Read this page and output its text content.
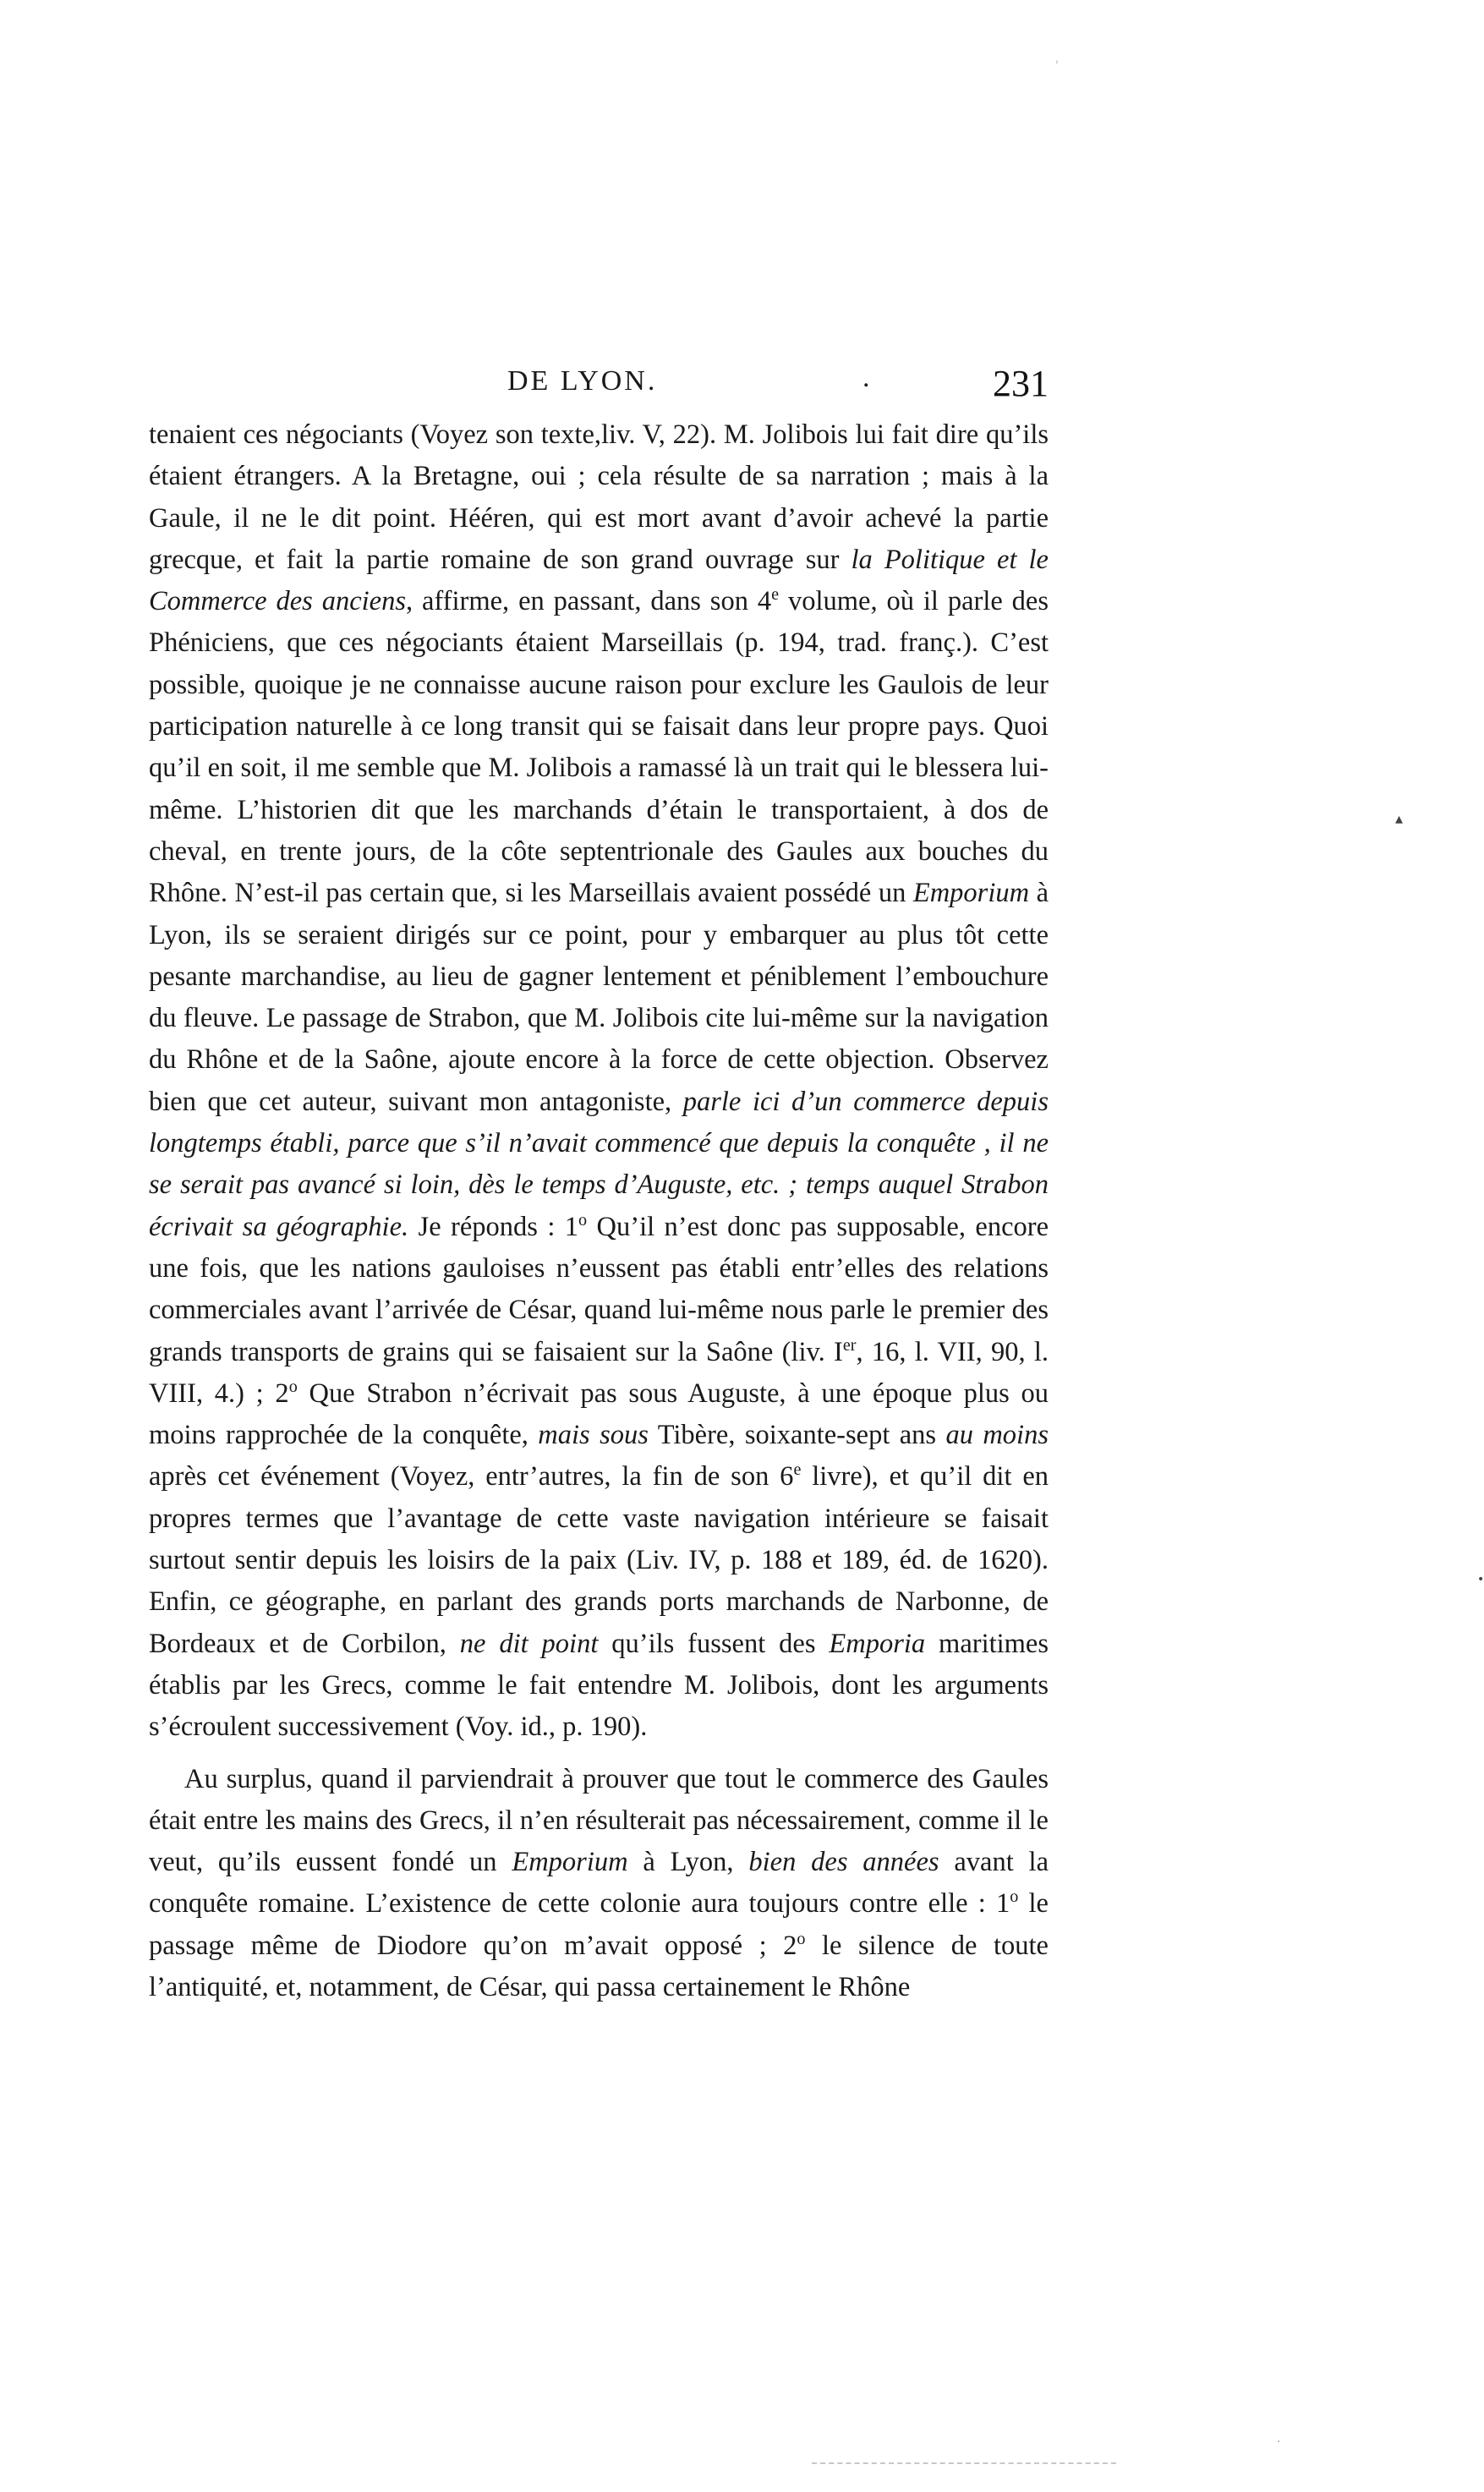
'
DE LYON.	.	231

tenaient ces négociants (Voyez son texte,liv. V, 22). M. Jolibois lui fait dire qu’ils étaient étrangers. A la Bretagne, oui ; cela résulte de sa narration ; mais à la Gaule, il ne le dit point. Hééren, qui est mort avant d’avoir achevé la partie grecque, et fait la partie romaine de son grand ouvrage sur la Politique et le Commerce des anciens, affirme, en passant, dans son 4e volume, où il parle des Phéniciens, que ces négociants étaient Marseillais (p. 194, trad. franç.). C’est possible, quoique je ne connaisse aucune raison pour exclure les Gaulois de leur participation naturelle à ce long transit qui se faisait dans leur propre pays. Quoi qu’il en soit, il me semble que M. Jolibois a ramassé là un trait qui le blessera lui-même. L’historien dit que les marchands d’étain le transportaient, à dos de cheval, en trente jours, de la côte septentrionale des Gaules aux bouches du Rhône. N’est-il pas certain que, si les Marseillais avaient possédé un Emporium à Lyon, ils se seraient dirigés sur ce point, pour y embarquer au plus tôt cette pesante marchandise, au lieu de gagner lentement et péniblement l’embouchure du fleuve. Le passage de Strabon, que M. Jolibois cite lui-même sur la navigation du Rhône et de la Saône, ajoute encore à la force de cette objection. Observez bien que cet auteur, suivant mon antagoniste, parle ici d’un commerce depuis longtemps établi, parce que s’il n’avait commencé que depuis la conquête , il ne se serait pas avancé si loin, dès le temps d’Auguste, etc. ; temps auquel Strabon écrivait sa géographie. Je réponds : 1$^o$ Qu’il n’est donc pas supposable, encore une fois, que les nations gauloises n’eussent pas établi entr’elles des relations commerciales avant l’arrivée de César, quand lui-même nous parle le premier des grands transports de grains qui se faisaient sur la Saône (liv. Ier, 16, l. VII, 90, l. VIII, 4.) ; 2$^o$ Que Strabon n’écrivait pas sous Auguste, à une époque plus ou moins rapprochée de la conquête, mais sous Tibère, soixante-sept ans au moins après cet événement (Voyez, entr’autres, la fin de son 6e livre), et qu’il dit en propres termes que l’avantage de cette vaste navigation intérieure se faisait surtout sentir depuis les loisirs de la paix (Liv. IV, p. 188 et 189, éd. de 1620). Enfin, ce géographe, en parlant des grands ports marchands de Narbonne, de Bordeaux et de Corbilon, ne dit point qu’ils fussent des Emporia maritimes établis par les Grecs, comme le fait entendre M. Jolibois, dont les arguments s’écroulent successivement (Voy. id., p. 190).

Au surplus, quand il parviendrait à prouver que tout le commerce des Gaules était entre les mains des Grecs, il n’en résulterait pas nécessairement, comme il le veut, qu’ils eussent fondé un Emporium à Lyon, bien des années avant la conquête romaine. L’existence de cette colonie aura toujours contre elle : 1$^o$ le passage même de Diodore qu’on m’avait opposé ; 2$^o$ le silence de toute l’antiquité, et, notamment, de César, qui passa certainement le Rhône

▴
•
·
